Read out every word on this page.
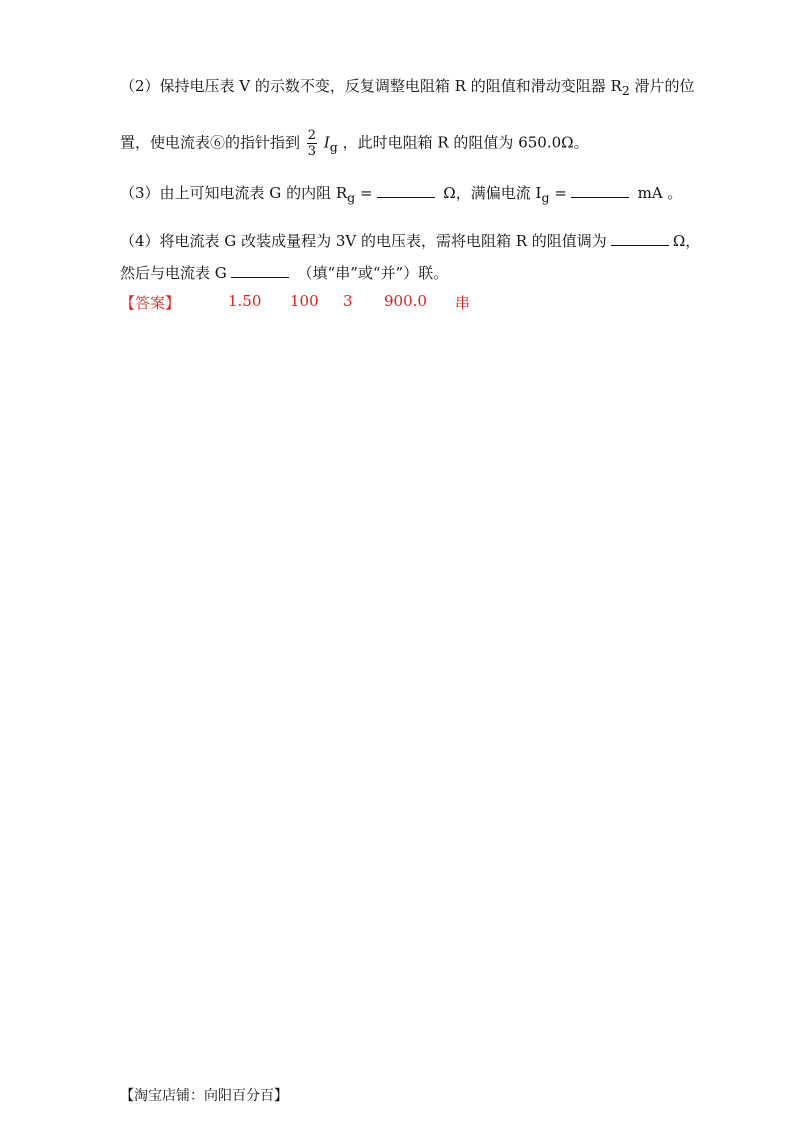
（2）保持电压表 V 的示数不变，反复调整电阻箱 R 的阻值和滑动变阻器 $R_2$ 滑片的位
置，使电流表⑥的指针指到 $\frac{2}{3} I_g$ ，此时电阻箱 R 的阻值为 650.0Ω。
（3）由上可知电流表 G 的内阻 $R_g$ =	Ω，满偏电流 $I_g$ =	mA 。
（4）将电流表 G 改装成量程为 3V 的电压表，需将电阻箱 R 的阻值调为	Ω，
然后与电流表 G	（填“串”或“并”）联。
【答案】	1.50 100 3 900.0 串
【淘宝店铺：向阳百分百】
